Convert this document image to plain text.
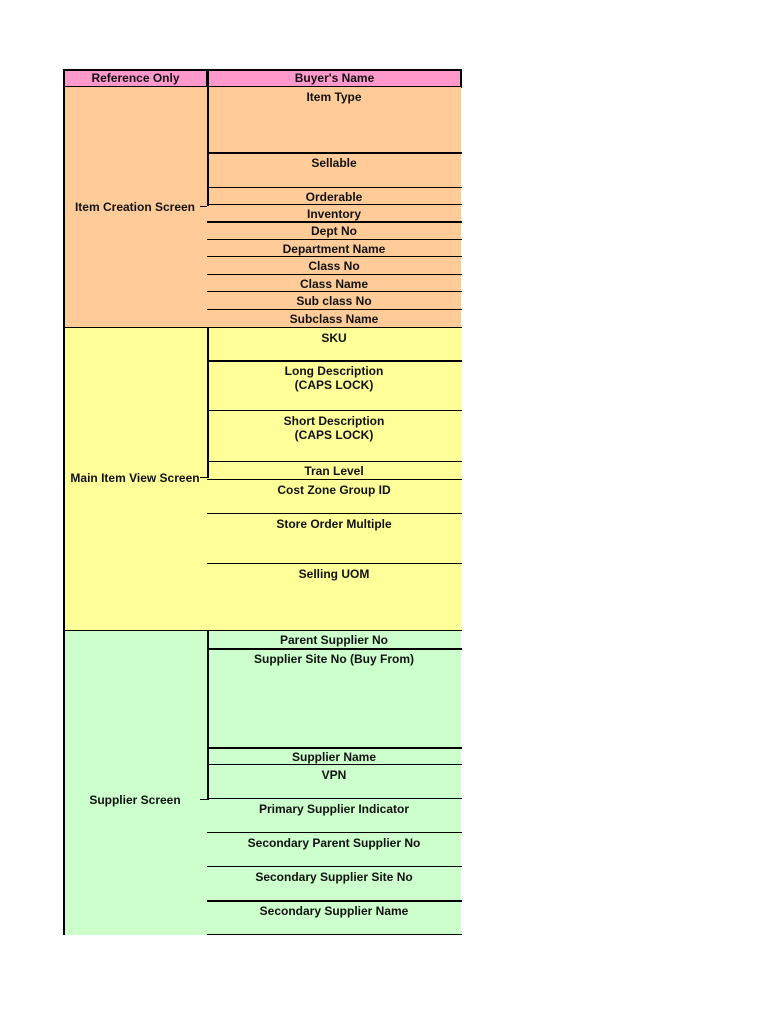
Reference Only	Buyer's Name
Item Creation Screen
Item Type
Sellable
Orderable
Inventory
Dept No
Department Name
Class No
Class Name
Sub class No
Subclass Name
Main Item View Screen
SKU
Long Description
(CAPS LOCK)
Short Description
(CAPS LOCK)
Tran Level
Cost Zone Group ID
Store Order Multiple
Selling UOM
Supplier Screen
Parent Supplier No
Supplier Site No (Buy From)
Supplier Name
VPN
Primary Supplier Indicator
Secondary Parent Supplier No
Secondary Supplier Site No
Secondary Supplier Name
